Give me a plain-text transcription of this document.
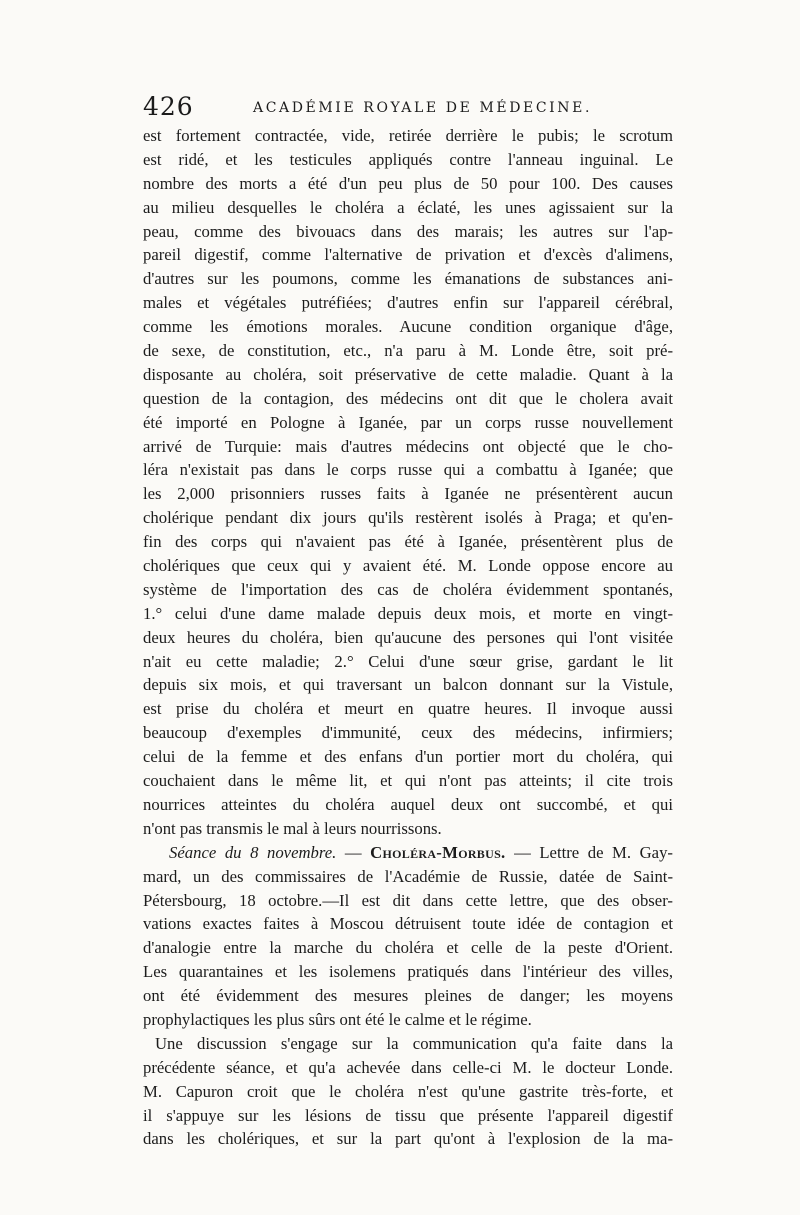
426	ACADÉMIE ROYALE DE MÉDECINE.
est fortement contractée, vide, retirée derrière le pubis; le scrotum
est ridé, et les testicules appliqués contre l'anneau inguinal. Le
nombre des morts a été d'un peu plus de 50 pour 100. Des causes
au milieu desquelles le choléra a éclaté, les unes agissaient sur la
peau, comme des bivouacs dans des marais; les autres sur l'ap-
pareil digestif, comme l'alternative de privation et d'excès d'alimens,
d'autres sur les poumons, comme les émanations de substances ani-
males et végétales putréfiées; d'autres enfin sur l'appareil cérébral,
comme les émotions morales. Aucune condition organique d'âge,
de sexe, de constitution, etc., n'a paru à M. Londe être, soit pré-
disposante au choléra, soit préservative de cette maladie. Quant à la
question de la contagion, des médecins ont dit que le cholera avait
été importé en Pologne à Iganée, par un corps russe nouvellement
arrivé de Turquie: mais d'autres médecins ont objecté que le cho-
léra n'existait pas dans le corps russe qui a combattu à Iganée; que
les 2,000 prisonniers russes faits à Iganée ne présentèrent aucun
cholérique pendant dix jours qu'ils restèrent isolés à Praga; et qu'en-
fin des corps qui n'avaient pas été à Iganée, présentèrent plus de
cholériques que ceux qui y avaient été. M. Londe oppose encore au
système de l'importation des cas de choléra évidemment spontanés,
1.° celui d'une dame malade depuis deux mois, et morte en vingt-
deux heures du choléra, bien qu'aucune des persones qui l'ont visitée
n'ait eu cette maladie; 2.° Celui d'une sœur grise, gardant le lit
depuis six mois, et qui traversant un balcon donnant sur la Vistule,
est prise du choléra et meurt en quatre heures. Il invoque aussi
beaucoup d'exemples d'immunité, ceux des médecins, infirmiers;
celui de la femme et des enfans d'un portier mort du choléra, qui
couchaient dans le même lit, et qui n'ont pas atteints; il cite trois
nourrices atteintes du choléra auquel deux ont succombé, et qui
n'ont pas transmis le mal à leurs nourrissons.
Séance du 8 novembre. — Choléra-Morbus. — Lettre de M. Gay-
mard, un des commissaires de l'Académie de Russie, datée de Saint-
Pétersbourg, 18 octobre.—Il est dit dans cette lettre, que des obser-
vations exactes faites à Moscou détruisent toute idée de contagion et
d'analogie entre la marche du choléra et celle de la peste d'Orient.
Les quarantaines et les isolemens pratiqués dans l'intérieur des villes,
ont été évidemment des mesures pleines de danger; les moyens
prophylactiques les plus sûrs ont été le calme et le régime.
Une discussion s'engage sur la communication qu'a faite dans la
précédente séance, et qu'a achevée dans celle-ci M. le docteur Londe.
M. Capuron croit que le choléra n'est qu'une gastrite très-forte, et
il s'appuye sur les lésions de tissu que présente l'appareil digestif
dans les cholériques, et sur la part qu'ont à l'explosion de la ma-
